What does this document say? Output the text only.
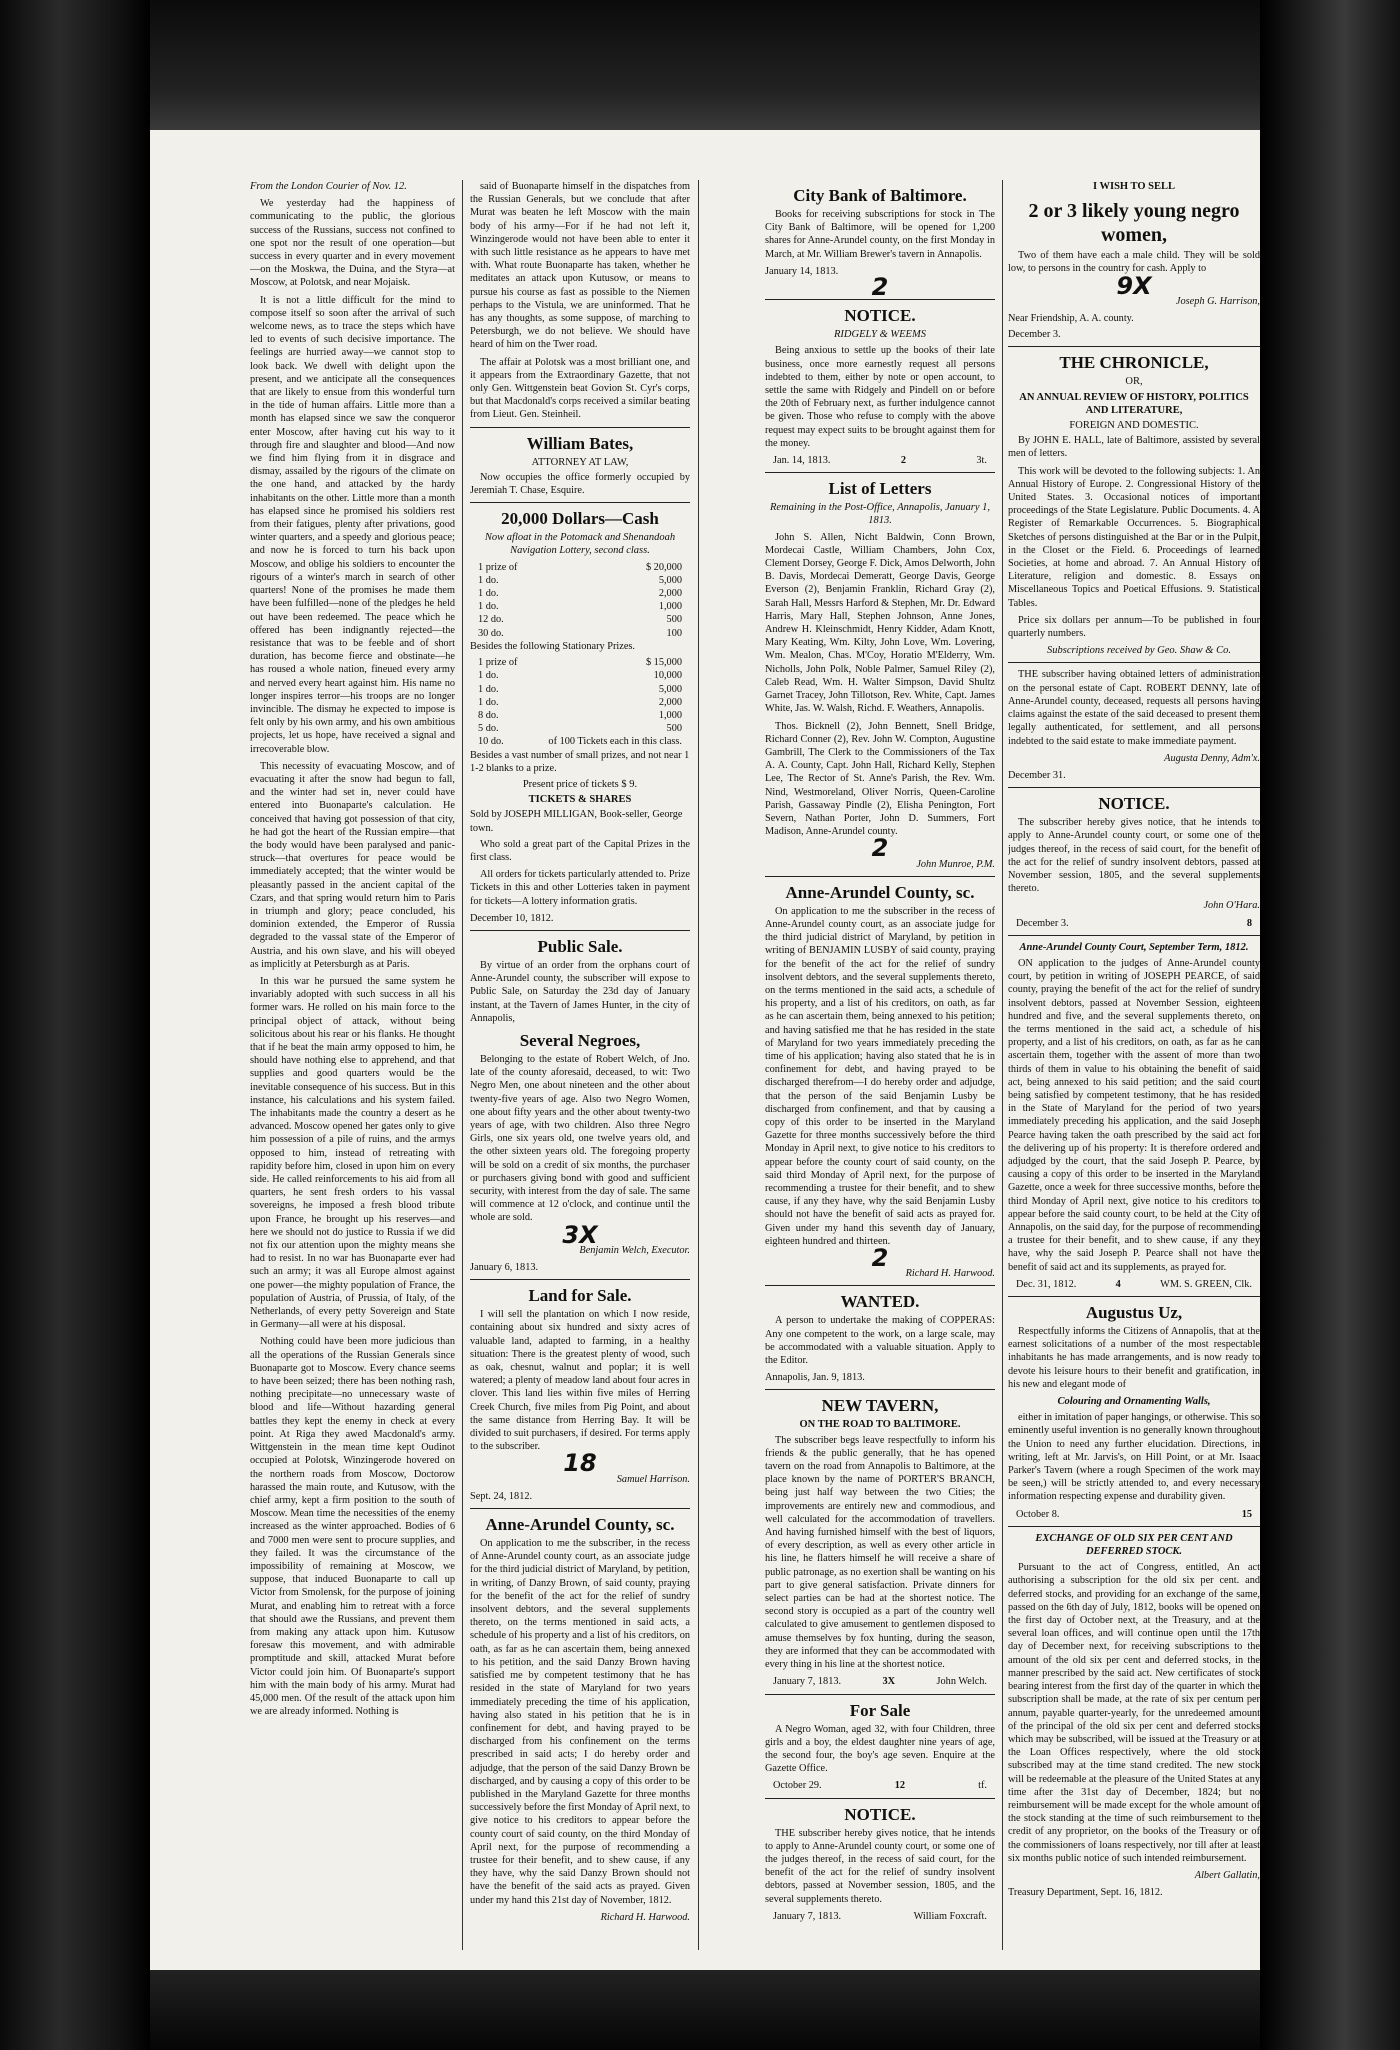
From the London Courier of Nov. 12.

We yesterday had the happiness of communicating to the public, the glorious success of the Russians, success not confined to one spot nor the result of one operation—but success in every quarter and in every movement—on the Moskwa, the Duina, and the Styra—at Moscow, at Polotsk, and near Mojaisk.

It is not a little difficult for the mind to compose itself so soon after the arrival of such welcome news, as to trace the steps which have led to events of such decisive importance. The feelings are hurried away—we cannot stop to look back. We dwell with delight upon the present, and we anticipate all the consequences that are likely to ensue from this wonderful turn in the tide of human affairs. Little more than a month has elapsed since we saw the conqueror enter Moscow, after having cut his way to it through fire and slaughter and blood—And now we find him flying from it in disgrace and dismay, assailed by the rigours of the climate on the one hand, and attacked by the hardy inhabitants on the other. Little more than a month has elapsed since he promised his soldiers rest from their fatigues, plenty after privations, good winter quarters, and a speedy and glorious peace; and now he is forced to turn his back upon Moscow, and oblige his soldiers to encounter the rigours of a winter's march in search of other quarters! None of the promises he made them have been fulfilled—none of the pledges he held out have been redeemed. The peace which he offered has been indignantly rejected—the resistance that was to be feeble and of short duration, has become fierce and obstinate—he has roused a whole nation, fineued every army and nerved every heart against him. His name no longer inspires terror—his troops are no longer invincible. The dismay he expected to impose is felt only by his own army, and his own ambitious projects, let us hope, have received a signal and irrecoverable blow.

This necessity of evacuating Moscow, and of evacuating it after the snow had begun to fall, and the winter had set in, never could have entered into Buonaparte's calculation. He conceived that having got possession of that city, he had got the heart of the Russian empire—that the body would have been paralysed and panic-struck—that overtures for peace would be immediately accepted; that the winter would be pleasantly passed in the ancient capital of the Czars, and that spring would return him to Paris in triumph and glory; peace concluded, his dominion extended, the Emperor of Russia degraded to the vassal state of the Emperor of Austria, and his own slave, and his will obeyed as implicitly at Petersburgh as at Paris.

In this war he pursued the same system he invariably adopted with such success in all his former wars. He rolled on his main force to the principal object of attack, without being solicitous about his rear or his flanks. He thought that if he beat the main army opposed to him, he should have nothing else to apprehend, and that supplies and good quarters would be the inevitable consequence of his success. But in this instance, his calculations and his system failed. The inhabitants made the country a desert as he advanced. Moscow opened her gates only to give him possession of a pile of ruins, and the armys opposed to him, instead of retreating with rapidity before him, closed in upon him on every side. He called reinforcements to his aid from all quarters, he sent fresh orders to his vassal sovereigns, he imposed a fresh blood tribute upon France, he brought up his reserves—and here we should not do justice to Russia if we did not fix our attention upon the mighty means she had to resist. In no war has Buonaparte ever had such an army; it was all Europe almost against one power—the mighty population of France, the population of Austria, of Prussia, of Italy, of the Netherlands, of every petty Sovereign and State in Germany—all were at his disposal.

Nothing could have been more judicious than all the operations of the Russian Generals since Buonaparte got to Moscow. Every chance seems to have been seized; there has been nothing rash, nothing precipitate—no unnecessary waste of blood and life—Without hazarding general battles they kept the enemy in check at every point. At Riga they awed Macdonald's army. Wittgenstein in the mean time kept Oudinot occupied at Polotsk, Winzingerode hovered on the northern roads from Moscow, Doctorow harassed the main route, and Kutusow, with the chief army, kept a firm position to the south of Moscow. Mean time the necessities of the enemy increased as the winter approached. Bodies of 6 and 7000 men were sent to procure supplies, and they failed. It was the circumstance of the impossibility of remaining at Moscow, we suppose, that induced Buonaparte to call up Victor from Smolensk, for the purpose of joining Murat, and enabling him to retreat with a force that should awe the Russians, and prevent them from making any attack upon him. Kutusow foresaw this movement, and with admirable promptitude and skill, attacked Murat before Victor could join him. Of Buonaparte's support him with the main body of his army. Murat had 45,000 men. Of the result of the attack upon him we are already informed. Nothing is

said of Buonaparte himself in the dispatches from the Russian Generals, but we conclude that after Murat was beaten he left Moscow with the main body of his army—For if he had not left it, Winzingerode would not have been able to enter it with such little resistance as he appears to have met with. What route Buonaparte has taken, whether he meditates an attack upon Kutusow, or means to pursue his course as fast as possible to the Niemen perhaps to the Vistula, we are uninformed. That he has any thoughts, as some suppose, of marching to Petersburgh, we do not believe. We should have heard of him on the Twer road.

The affair at Polotsk was a most brilliant one, and it appears from the Extraordinary Gazette, that not only Gen. Wittgenstein beat Govion St. Cyr's corps, but that Macdonald's corps received a similar beating from Lieut. Gen. Steinheil.

William Bates,
ATTORNEY AT LAW,

Now occupies the office formerly occupied by Jeremiah T. Chase, Esquire.

20,000 Dollars—Cash
Now afloat in the Potomack and Shenandoah Navigation Lottery, second class.
1 prize of	$ 20,000
1 do.	5,000
1 do.	2,000
1 do.	1,000
12 do.	500
30 do.	100

Besides the following Stationary Prizes.

1 prize of	$ 15,000
1 do.	10,000
1 do.	5,000
1 do.	2,000
8 do.	1,000
5 do.	500
10 do.	of 100 Tickets each in this class.

Besides a vast number of small prizes, and not near 1 1-2 blanks to a prize.

Present price of tickets $ 9.
TICKETS & SHARES

Sold by JOSEPH MILLIGAN, Book-seller, George town.

Who sold a great part of the Capital Prizes in the first class.

All orders for tickets particularly attended to. Prize Tickets in this and other Lotteries taken in payment for tickets—A lottery information gratis.

December 10, 1812.

Public Sale.

By virtue of an order from the orphans court of Anne-Arundel county, the subscriber will expose to Public Sale, on Saturday the 23d day of January instant, at the Tavern of James Hunter, in the city of Annapolis,

Several Negroes,

Belonging to the estate of Robert Welch, of Jno. late of the county aforesaid, deceased, to wit: Two Negro Men, one about nineteen and the other about twenty-five years of age. Also two Negro Women, one about fifty years and the other about twenty-two years of age, with two children. Also three Negro Girls, one six years old, one twelve years old, and the other sixteen years old. The foregoing property will be sold on a credit of six months, the purchaser or purchasers giving bond with good and sufficient security, with interest from the day of sale. The same will commence at 12 o'clock, and continue until the whole are sold.

3X

Benjamin Welch, Executor.

January 6, 1813.

Land for Sale.

I will sell the plantation on which I now reside, containing about six hundred and sixty acres of valuable land, adapted to farming, in a healthy situation: There is the greatest plenty of wood, such as oak, chesnut, walnut and poplar; it is well watered; a plenty of meadow land about four acres in clover. This land lies within five miles of Herring Creek Church, five miles from Pig Point, and about the same distance from Herring Bay. It will be divided to suit purchasers, if desired. For terms apply to the subscriber.

18

Samuel Harrison.

Sept. 24, 1812.

Anne-Arundel County, sc.

On application to me the subscriber, in the recess of Anne-Arundel county court, as an associate judge for the third judicial district of Maryland, by petition, in writing, of Danzy Brown, of said county, praying for the benefit of the act for the relief of sundry insolvent debtors, and the several supplements thereto, on the terms mentioned in said acts, a schedule of his property and a list of his creditors, on oath, as far as he can ascertain them, being annexed to his petition, and the said Danzy Brown having satisfied me by competent testimony that he has resided in the state of Maryland for two years immediately preceding the time of his application, having also stated in his petition that he is in confinement for debt, and having prayed to be discharged from his confinement on the terms prescribed in said acts; I do hereby order and adjudge, that the person of the said Danzy Brown be discharged, and by causing a copy of this order to be published in the Maryland Gazette for three months successively before the first Monday of April next, to give notice to his creditors to appear before the county court of said county, on the third Monday of April next, for the purpose of recommending a trustee for their benefit, and to shew cause, if any they have, why the said Danzy Brown should not have the benefit of the said acts as prayed. Given under my hand this 21st day of November, 1812.

Richard H. Harwood.

City Bank of Baltimore.

Books for receiving subscriptions for stock in The City Bank of Baltimore, will be opened for 1,200 shares for Anne-Arundel county, on the first Monday in March, at Mr. William Brewer's tavern in Annapolis.

January 14, 1813.

2
NOTICE.
RIDGELY & WEEMS

Being anxious to settle up the books of their late business, once more earnestly request all persons indebted to them, either by note or open account, to settle the same with Ridgely and Pindell on or before the 20th of February next, as further indulgence cannot be given. Those who refuse to comply with the above request may expect suits to be brought against them for the money.

Jan. 14, 1813.	2	3t.
List of Letters
Remaining in the Post-Office, Annapolis, January 1, 1813.

John S. Allen, Nicht Baldwin, Conn Brown, Mordecai Castle, William Chambers, John Cox, Clement Dorsey, George F. Dick, Amos Delworth, John B. Davis, Mordecai Demeratt, George Davis, George Everson (2), Benjamin Franklin, Richard Gray (2), Sarah Hall, Messrs Harford & Stephen, Mr. Dr. Edward Harris, Mary Hall, Stephen Johnson, Anne Jones, Andrew H. Kleinschmidt, Henry Kidder, Adam Knott, Mary Keating, Wm. Kilty, John Love, Wm. Lovering, Wm. Mealon, Chas. M'Coy, Horatio M'Elderry, Wm. Nicholls, John Polk, Noble Palmer, Samuel Riley (2), Caleb Read, Wm. H. Walter Simpson, David Shultz Garnet Tracey, John Tillotson, Rev. White, Capt. James White, Jas. W. Walsh, Richd. F. Weathers, Annapolis.

Thos. Bicknell (2), John Bennett, Snell Bridge, Richard Conner (2), Rev. John W. Compton, Augustine Gambrill, The Clerk to the Commissioners of the Tax A. A. County, Capt. John Hall, Richard Kelly, Stephen Lee, The Rector of St. Anne's Parish, the Rev. Wm. Nind, Westmoreland, Oliver Norris, Queen-Caroline Parish, Gassaway Pindle (2), Elisha Penington, Fort Severn, Nathan Porter, John D. Summers, Fort Madison, Anne-Arundel county.

2

John Munroe, P.M.

Anne-Arundel County, sc.

On application to me the subscriber in the recess of Anne-Arundel county court, as an associate judge for the third judicial district of Maryland, by petition in writing of BENJAMIN LUSBY of said county, praying for the benefit of the act for the relief of sundry insolvent debtors, and the several supplements thereto, on the terms mentioned in the said acts, a schedule of his property, and a list of his creditors, on oath, as far as he can ascertain them, being annexed to his petition; and having satisfied me that he has resided in the state of Maryland for two years immediately preceding the time of his application; having also stated that he is in confinement for debt, and having prayed to be discharged therefrom—I do hereby order and adjudge, that the person of the said Benjamin Lusby be discharged from confinement, and that by causing a copy of this order to be inserted in the Maryland Gazette for three months successively before the third Monday in April next, to give notice to his creditors to appear before the county court of said county, on the said third Monday of April next, for the purpose of recommending a trustee for their benefit, and to shew cause, if any they have, why the said Benjamin Lusby should not have the benefit of said acts as prayed for. Given under my hand this seventh day of January, eighteen hundred and thirteen.

2

Richard H. Harwood.

WANTED.

A person to undertake the making of COPPERAS: Any one competent to the work, on a large scale, may be accommodated with a valuable situation. Apply to the Editor.

Annapolis, Jan. 9, 1813.

NEW TAVERN,
ON THE ROAD TO BALTIMORE.

The subscriber begs leave respectfully to inform his friends & the public generally, that he has opened tavern on the road from Annapolis to Baltimore, at the place known by the name of PORTER'S BRANCH, being just half way between the two Cities; the improvements are entirely new and commodious, and well calculated for the accommodation of travellers. And having furnished himself with the best of liquors, of every description, as well as every other article in his line, he flatters himself he will receive a share of public patronage, as no exertion shall be wanting on his part to give general satisfaction. Private dinners for select parties can be had at the shortest notice. The second story is occupied as a part of the country well calculated to give amusement to gentlemen disposed to amuse themselves by fox hunting, during the season, they are informed that they can be accommodated with every thing in his line at the shortest notice.

January 7, 1813.	3X	John Welch.
For Sale

A Negro Woman, aged 32, with four Children, three girls and a boy, the eldest daughter nine years of age, the second four, the boy's age seven. Enquire at the Gazette Office.

October 29.	12	tf.
NOTICE.

THE subscriber hereby gives notice, that he intends to apply to Anne-Arundel county court, or some one of the judges thereof, in the recess of said court, for the benefit of the act for the relief of sundry insolvent debtors, passed at November session, 1805, and the several supplements thereto.

January 7, 1813.	William Foxcraft.
I WISH TO SELL
2 or 3 likely young negro women,

Two of them have each a male child. They will be sold low, to persons in the country for cash. Apply to

9X

Joseph G. Harrison,

Near Friendship, A. A. county.

December 3.

THE CHRONICLE,
OR,
AN ANNUAL REVIEW OF HISTORY, POLITICS AND LITERATURE,
FOREIGN AND DOMESTIC.

By JOHN E. HALL, late of Baltimore, assisted by several men of letters.

This work will be devoted to the following subjects: 1. An Annual History of Europe. 2. Congressional History of the United States. 3. Occasional notices of important proceedings of the State Legislature. Public Documents. 4. A Register of Remarkable Occurrences. 5. Biographical Sketches of persons distinguished at the Bar or in the Pulpit, in the Closet or the Field. 6. Proceedings of learned Societies, at home and abroad. 7. An Annual History of Literature, religion and domestic. 8. Essays on Miscellaneous Topics and Poetical Effusions. 9. Statistical Tables.

Price six dollars per annum—To be published in four quarterly numbers.

Subscriptions received by Geo. Shaw & Co.

THE subscriber having obtained letters of administration on the personal estate of Capt. ROBERT DENNY, late of Anne-Arundel county, deceased, requests all persons having claims against the estate of the said deceased to present them legally authenticated, for settlement, and all persons indebted to the said estate to make immediate payment.

Augusta Denny, Adm'x.

December 31.

NOTICE.

The subscriber hereby gives notice, that he intends to apply to Anne-Arundel county court, or some one of the judges thereof, in the recess of said court, for the benefit of the act for the relief of sundry insolvent debtors, passed at November session, 1805, and the several supplements thereto.

John O'Hara.

December 3.	8
Anne-Arundel County Court, September Term, 1812.

ON application to the judges of Anne-Arundel county court, by petition in writing of JOSEPH PEARCE, of said county, praying the benefit of the act for the relief of sundry insolvent debtors, passed at November Session, eighteen hundred and five, and the several supplements thereto, on the terms mentioned in the said act, a schedule of his property, and a list of his creditors, on oath, as far as he can ascertain them, together with the assent of more than two thirds of them in value to his obtaining the benefit of said act, being annexed to his said petition; and the said court being satisfied by competent testimony, that he has resided in the State of Maryland for the period of two years immediately preceding his application, and the said Joseph Pearce having taken the oath prescribed by the said act for the delivering up of his property: It is therefore ordered and adjudged by the court, that the said Joseph P. Pearce, by causing a copy of this order to be inserted in the Maryland Gazette, once a week for three successive months, before the third Monday of April next, give notice to his creditors to appear before the said county court, to be held at the City of Annapolis, on the said day, for the purpose of recommending a trustee for their benefit, and to shew cause, if any they have, why the said Joseph P. Pearce shall not have the benefit of said act and its supplements, as prayed for.

Dec. 31, 1812.	4	WM. S. GREEN, Clk.
Augustus Uz,

Respectfully informs the Citizens of Annapolis, that at the earnest solicitations of a number of the most respectable inhabitants he has made arrangements, and is now ready to devote his leisure hours to their benefit and gratification, in his new and elegant mode of

Colouring and Ornamenting Walls,

either in imitation of paper hangings, or otherwise. This so eminently useful invention is no generally known throughout the Union to need any further elucidation. Directions, in writing, left at Mr. Jarvis's, on Hill Point, or at Mr. Isaac Parker's Tavern (where a rough Specimen of the work may be seen,) will be strictly attended to, and every necessary information respecting expense and durability given.

October 8.	15
EXCHANGE OF OLD SIX PER CENT AND DEFERRED STOCK.

Pursuant to the act of Congress, entitled, An act authorising a subscription for the old six per cent. and deferred stocks, and providing for an exchange of the same, passed on the 6th day of July, 1812, books will be opened on the first day of October next, at the Treasury, and at the several loan offices, and will continue open until the 17th day of December next, for receiving subscriptions to the amount of the old six per cent and deferred stocks, in the manner prescribed by the said act. New certificates of stock bearing interest from the first day of the quarter in which the subscription shall be made, at the rate of six per centum per annum, payable quarter-yearly, for the unredeemed amount of the principal of the old six per cent and deferred stocks which may be subscribed, will be issued at the Treasury or at the Loan Offices respectively, where the old stock subscribed may at the time stand credited. The new stock will be redeemable at the pleasure of the United States at any time after the 31st day of December, 1824; but no reimbursement will be made except for the whole amount of the stock standing at the time of such reimbursement to the credit of any proprietor, on the books of the Treasury or of the commissioners of loans respectively, nor till after at least six months public notice of such intended reimbursement.

Albert Gallatin,

Treasury Department, Sept. 16, 1812.
